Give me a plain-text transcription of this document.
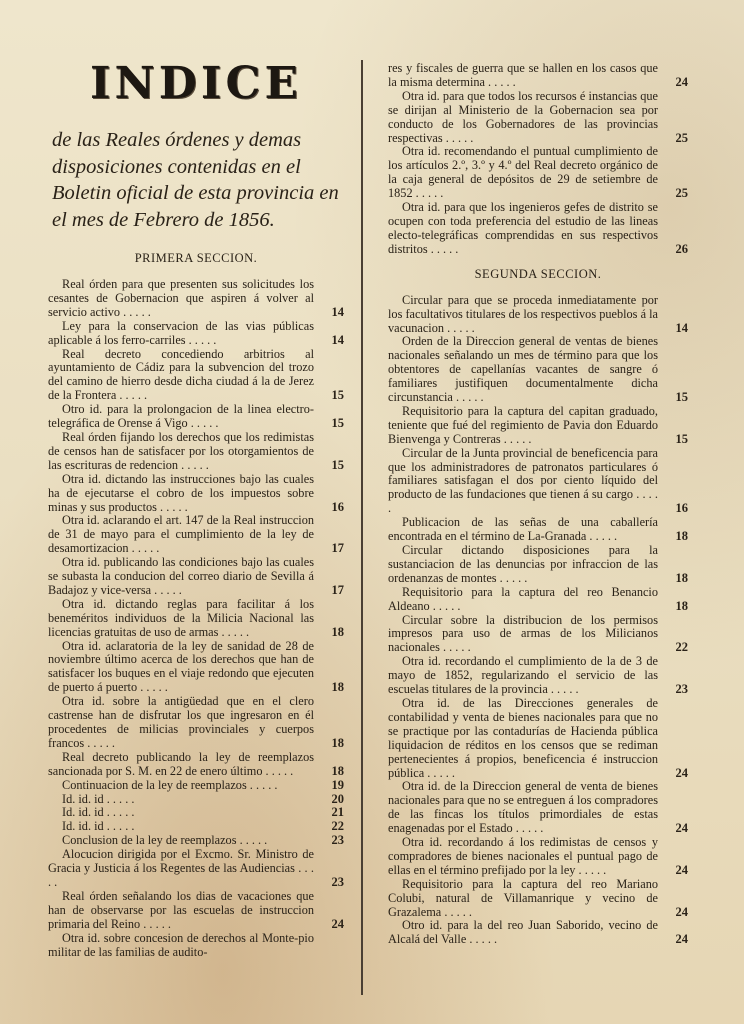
INDICE
de las Reales órdenes y demas disposiciones contenidas en el Boletin oficial de esta provincia en el mes de Febrero de 1856.
PRIMERA SECCION.
Real órden para que presenten sus solicitudes los cesantes de Gobernacion que aspiren á volver al servicio activo . . . . .	14
Ley para la conservacion de las vias públicas aplicable á los ferro-carriles . . . . .	14
Real decreto concediendo arbitrios al ayuntamiento de Cádiz para la subvencion del trozo del camino de hierro desde dicha ciudad á la de Jerez de la Frontera . . . . .	15
Otro id. para la prolongacion de la linea electro-telegráfica de Orense á Vigo . . . . .	15
Real órden fijando los derechos que los redimistas de censos han de satisfacer por los otorgamientos de las escrituras de redencion . . . . .	15
Otra id. dictando las instrucciones bajo las cuales ha de ejecutarse el cobro de los impuestos sobre minas y sus productos . . . . .	16
Otra id. aclarando el art. 147 de la Real instruccion de 31 de mayo para el cumplimiento de la ley de desamortizacion . . . . .	17
Otra id. publicando las condiciones bajo las cuales se subasta la conducion del correo diario de Sevilla á Badajoz y vice-versa . . . . .	17
Otra id. dictando reglas para facilitar á los beneméritos individuos de la Milicia Nacional las licencias gratuitas de uso de armas . . . . .	18
Otra id. aclaratoria de la ley de sanidad de 28 de noviembre último acerca de los derechos que han de satisfacer los buques en el viaje redondo que ejecuten de puerto á puerto . . . . .	18
Otra id. sobre la antigüedad que en el clero castrense han de disfrutar los que ingresaron en él procedentes de milicias provinciales y cuerpos francos . . . . .	18
Real decreto publicando la ley de reemplazos sancionada por S. M. en 22 de enero último . . . . .	18
Continuacion de la ley de reemplazos . . . . .	19
Id. id. id . . . . .	20
Id. id. id . . . . .	21
Id. id. id . . . . .	22
Conclusion de la ley de reemplazos . . . . .	23
Alocucion dirigida por el Excmo. Sr. Ministro de Gracia y Justicia á los Regentes de las Audiencias . . . . .	23
Real órden señalando los dias de vacaciones que han de observarse por las escuelas de instruccion primaria del Reino . . . . .	24
Otra id. sobre concesion de derechos al Monte-pio militar de las familias de audito-
res y fiscales de guerra que se hallen en los casos que la misma determina . . . . .	24
Otra id. para que todos los recursos é instancias que se dirijan al Ministerio de la Gobernacion sea por conducto de los Gobernadores de las provincias respectivas . . . . .	25
Otra id. recomendando el puntual cumplimiento de los artículos 2.º, 3.º y 4.º del Real decreto orgánico de la caja general de depósitos de 29 de setiembre de 1852 . . . . .	25
Otra id. para que los ingenieros gefes de distrito se ocupen con toda preferencia del estudio de las lineas electo-telegráficas comprendidas en sus respectivos distritos . . . . .	26
SEGUNDA SECCION.
Circular para que se proceda inmediatamente por los facultativos titulares de los respectivos pueblos á la vacunacion . . . . .	14
Orden de la Direccion general de ventas de bienes nacionales señalando un mes de término para que los obtentores de capellanías vacantes de sangre ó familiares justifiquen documentalmente dicha circunstancia . . . . .	15
Requisitorio para la captura del capitan graduado, teniente que fué del regimiento de Pavia don Eduardo Bienvenga y Contreras . . . . .	15
Circular de la Junta provincial de beneficencia para que los administradores de patronatos particulares ó familiares satisfagan el dos por ciento líquido del producto de las fundaciones que tienen á su cargo . . . . .	16
Publicacion de las señas de una caballería encontrada en el término de La-Granada . . . . .	18
Circular dictando disposiciones para la sustanciacion de las denuncias por infraccion de las ordenanzas de montes . . . . .	18
Requisitorio para la captura del reo Benancio Aldeano . . . . .	18
Circular sobre la distribucion de los permisos impresos para uso de armas de los Milicianos nacionales . . . . .	22
Otra id. recordando el cumplimiento de la de 3 de mayo de 1852, regularizando el servicio de las escuelas titulares de la provincia . . . . .	23
Otra id. de las Direcciones generales de contabilidad y venta de bienes nacionales para que no se practique por las contadurías de Hacienda pública liquidacion de réditos en los censos que se rediman pertenecientes á propios, beneficencia é instruccion pública . . . . .	24
Otra id. de la Direccion general de venta de bienes nacionales para que no se entreguen á los compradores de las fincas los títulos primordiales de estas enagenadas por el Estado . . . . .	24
Otra id. recordando á los redimistas de censos y compradores de bienes nacionales el puntual pago de ellas en el término prefijado por la ley . . . . .	24
Requisitorio para la captura del reo Mariano Colubi, natural de Villamanrique y vecino de Grazalema . . . . .	24
Otro id. para la del reo Juan Saborido, vecino de Alcalá del Valle . . . . .	24
